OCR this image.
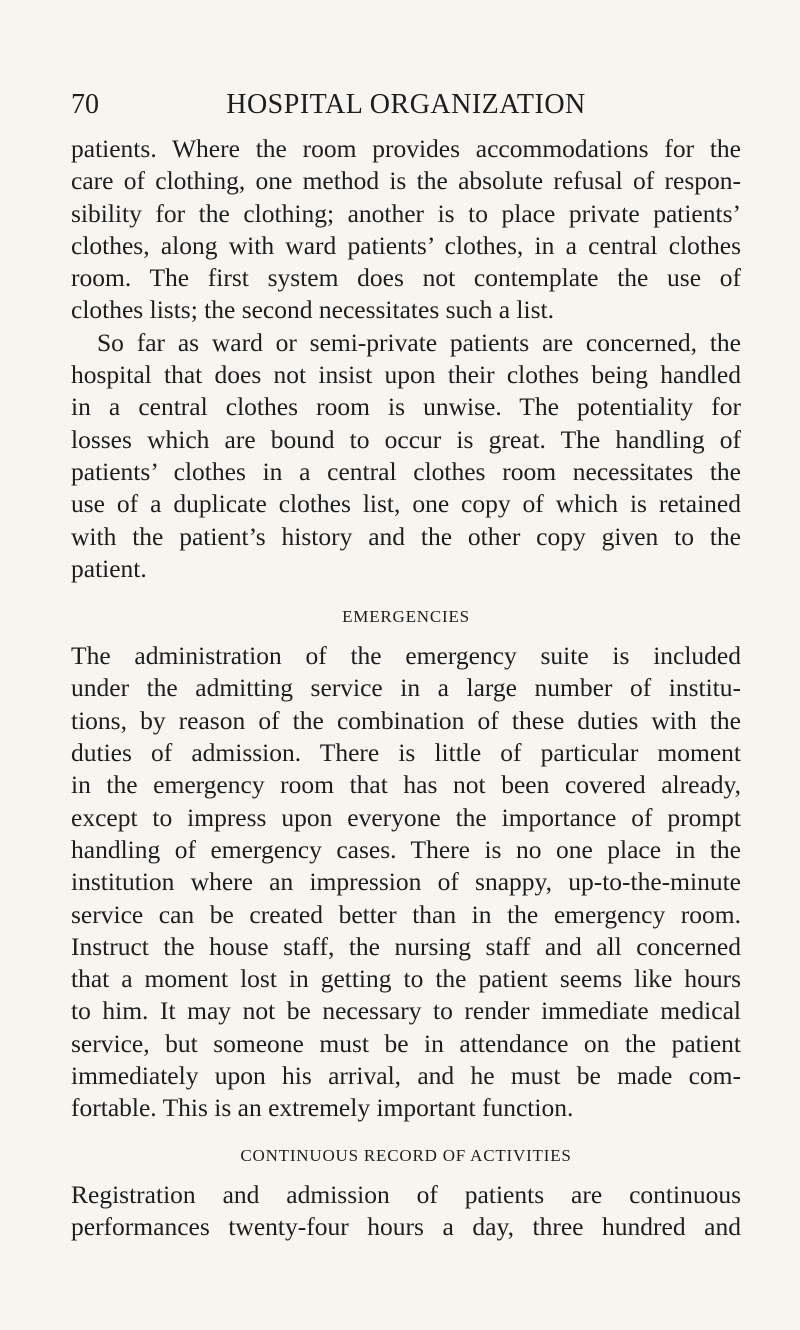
70	HOSPITAL ORGANIZATION

patients. Where the room provides accommodations for the
care of clothing, one method is the absolute refusal of respon-
sibility for the clothing; another is to place private patients’
clothes, along with ward patients’ clothes, in a central clothes
room. The first system does not contemplate the use of
clothes lists; the second necessitates such a list.

So far as ward or semi-private patients are concerned, the
hospital that does not insist upon their clothes being handled
in a central clothes room is unwise. The potentiality for
losses which are bound to occur is great. The handling of
patients’ clothes in a central clothes room necessitates the
use of a duplicate clothes list, one copy of which is retained
with the patient’s history and the other copy given to the
patient.

EMERGENCIES

The administration of the emergency suite is included
under the admitting service in a large number of institu-
tions, by reason of the combination of these duties with the
duties of admission. There is little of particular moment
in the emergency room that has not been covered already,
except to impress upon everyone the importance of prompt
handling of emergency cases. There is no one place in the
institution where an impression of snappy, up-to-the-minute
service can be created better than in the emergency room.
Instruct the house staff, the nursing staff and all concerned
that a moment lost in getting to the patient seems like hours
to him. It may not be necessary to render immediate medical
service, but someone must be in attendance on the patient
immediately upon his arrival, and he must be made com-
fortable. This is an extremely important function.

CONTINUOUS RECORD OF ACTIVITIES

Registration and admission of patients are continuous
performances twenty-four hours a day, three hundred and
